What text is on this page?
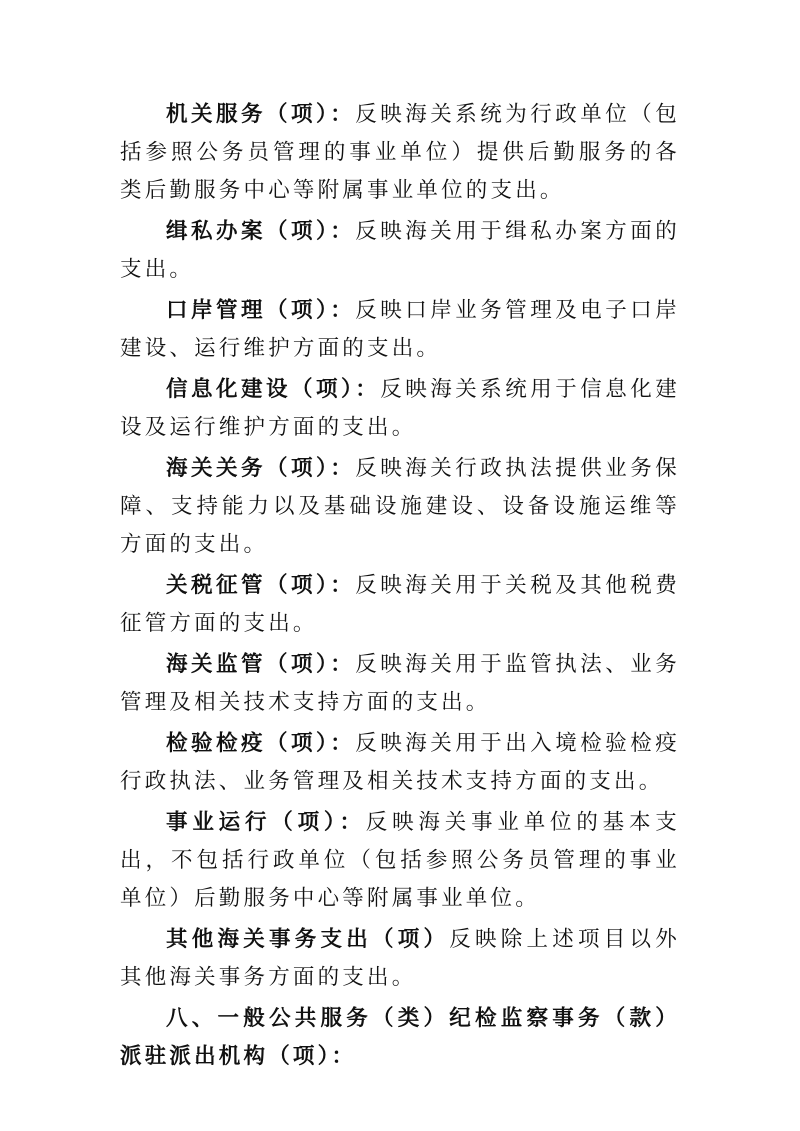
机关服务（项）：反映海关系统为行政单位（包括参照公务员管理的事业单位）提供后勤服务的各类后勤服务中心等附属事业单位的支出。

缉私办案（项）：反映海关用于缉私办案方面的支出。

口岸管理（项）：反映口岸业务管理及电子口岸建设、运行维护方面的支出。

信息化建设（项）：反映海关系统用于信息化建设及运行维护方面的支出。

海关关务（项）：反映海关行政执法提供业务保障、支持能力以及基础设施建设、设备设施运维等方面的支出。

关税征管（项）：反映海关用于关税及其他税费征管方面的支出。

海关监管（项）：反映海关用于监管执法、业务管理及相关技术支持方面的支出。

检验检疫（项）：反映海关用于出入境检验检疫行政执法、业务管理及相关技术支持方面的支出。

事业运行（项）：反映海关事业单位的基本支出，不包括行政单位（包括参照公务员管理的事业单位）后勤服务中心等附属事业单位。

其他海关事务支出（项）反映除上述项目以外其他海关事务方面的支出。

八、一般公共服务（类）纪检监察事务（款）派驻派出机构（项）：
